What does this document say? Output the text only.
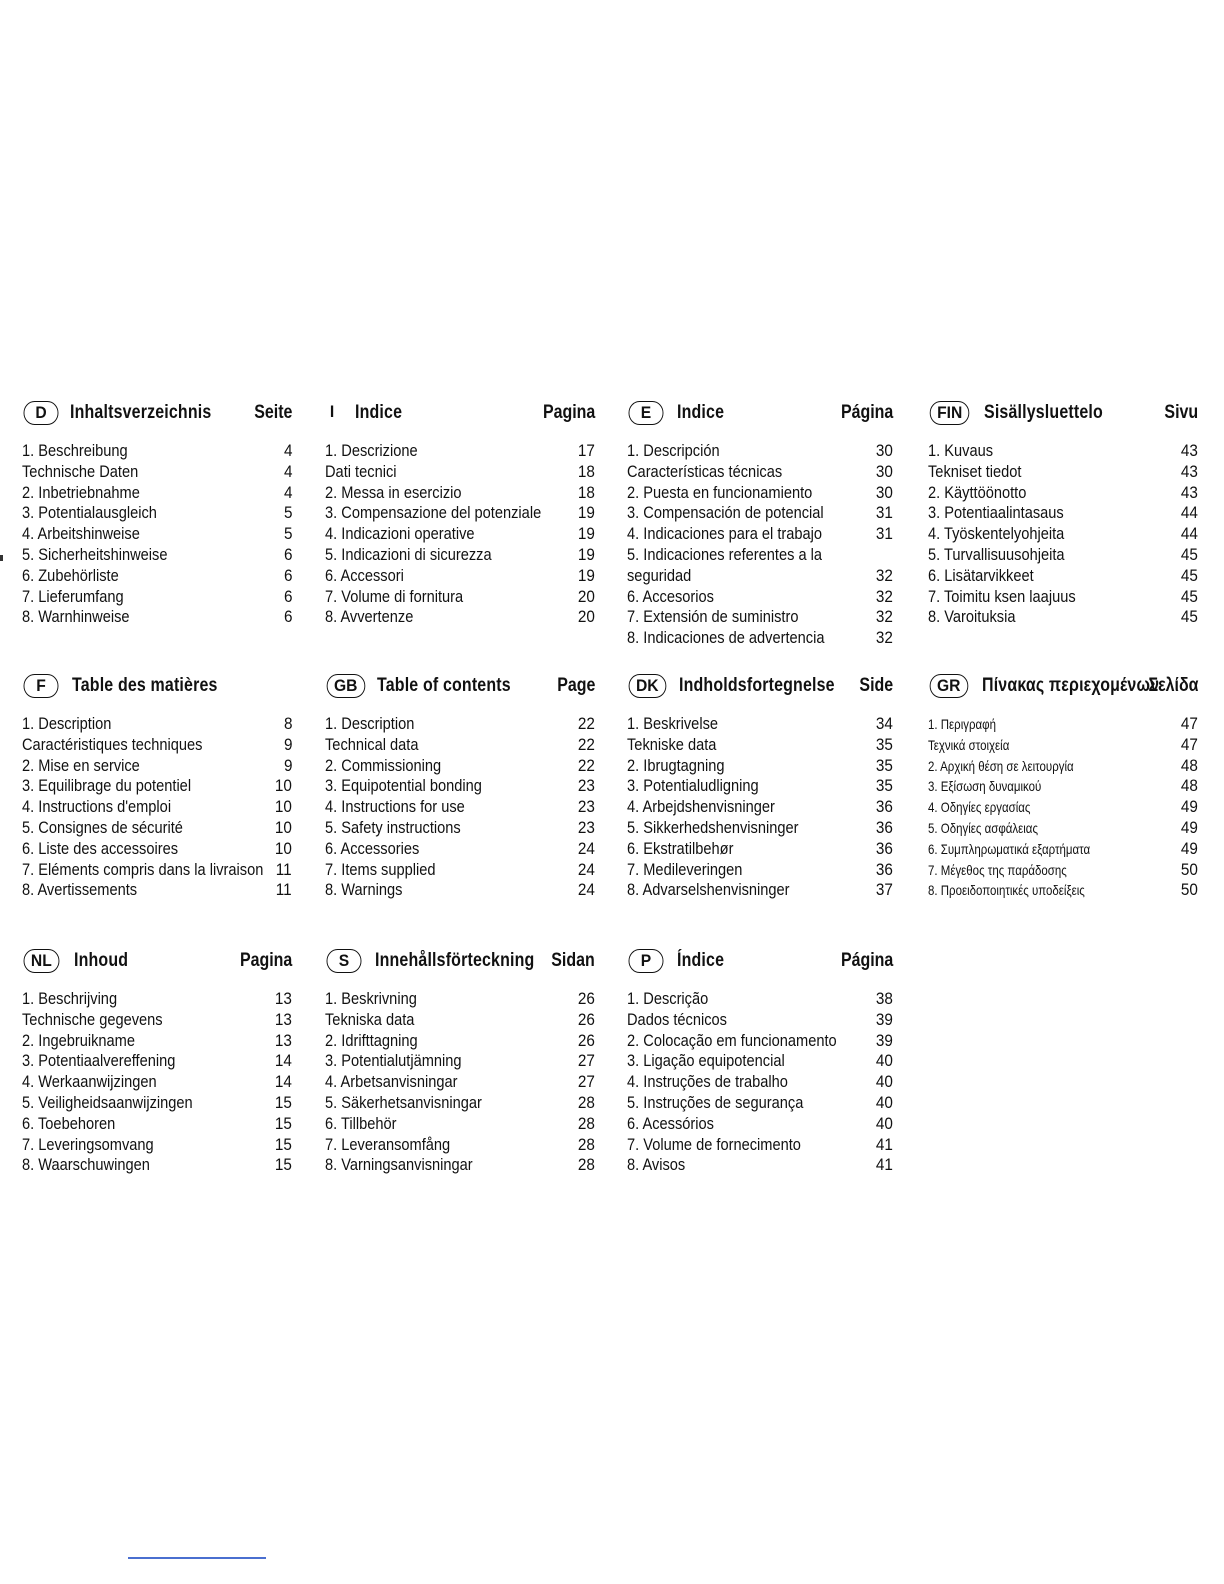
D	Inhaltsverzeichnis Seite
1. Beschreibung	4
Technische Daten	4
2. Inbetriebnahme	4
3. Potentialausgleich	5
4. Arbeitshinweise	5
5. Sicherheitshinweise	6
6. Zubehörliste	6
7. Lieferumfang	6
8. Warnhinweise	6
I Indice	Pagina
1. Descrizione	17
Dati tecnici	18
2. Messa in esercizio	18
3. Compensazione del potenziale 19
4. Indicazioni operative	19
5. Indicazioni di sicurezza	19
6. Accessori	19
7. Volume di fornitura	20
8. Avvertenze	20
E	Indice	Página
1. Descripción	30
Características técnicas	30
2. Puesta en funcionamiento	30
3. Compensación de potencial	31
4. Indicaciones para el trabajo	31
5. Indicaciones referentes a la
seguridad	32
6. Accesorios	32
7. Extensión de suministro	32
8. Indicaciones de advertencia	32
FIN	Sisällysluettelo	Sivu
1. Kuvaus	43
Tekniset tiedot	43
2. Käyttöönotto	43
3. Potentiaalintasaus	44
4. Työskentelyohjeita	44
5. Turvallisuusohjeita	45
6. Lisätarvikkeet	45
7. Toimitu ksen laajuus	45
8. Varoituksia	45
F	Table des matières
1. Description	8
Caractéristiques techniques	9
2. Mise en service	9
3. Equilibrage du potentiel	10
4. Instructions d'emploi	10
5. Consignes de sécurité	10
6. Liste des accessoires	10
7. Eléments compris dans la livraison 11
8. Avertissements	11
GB	Table of contents Page
1. Description	22
Technical data	22
2. Commissioning	22
3. Equipotential bonding	23
4. Instructions for use	23
5. Safety instructions	23
6. Accessories	24
7. Items supplied	24
8. Warnings	24
DK	Indholdsfortegnelse Side
1. Beskrivelse	34
Tekniske data	35
2. Ibrugtagning	35
3. Potentialudligning	35
4. Arbejdshenvisninger	36
5. Sikkerhedshenvisninger	36
6. Ekstratilbehør	36
7. Medileveringen	36
8. Advarselshenvisninger	37
GR	Πίνακας περιεχομένων
Σελίδα
1. Περιγραφή	47
Τεχνικά στοιχεία	47
2. Αρχική θέση σε λειτουργία	48
3. Εξίσωση δυναμικού	48
4. Οδηγίες εργασίας	49
5. Οδηγίες ασφάλειας	49
6. Συμπληρωματικά εξαρτήματα	49
7. Μέγεθος της παράδοσης	50
8. Προειδοποιητικές υποδείξεις	50
NL	Inhoud	Pagina
1. Beschrijving	13
Technische gegevens	13
2. Ingebruikname	13
3. Potentiaalvereffening	14
4. Werkaanwijzingen	14
5. Veiligheidsaanwijzingen	15
6. Toebehoren	15
7. Leveringsomvang	15
8. Waarschuwingen	15
S	Innehållsförteckning Sidan
1. Beskrivning	26
Tekniska data	26
2. Idrifttagning	26
3. Potentialutjämning	27
4. Arbetsanvisningar	27
5. Säkerhetsanvisningar	28
6. Tillbehör	28
7. Leveransomfång	28
8. Varningsanvisningar	28
P	Índice	Página
1. Descrição	38
Dados técnicos	39
2. Colocação em funcionamento 39
3. Ligação equipotencial	40
4. Instruções de trabalho	40
5. Instruções de segurança	40
6. Acessórios	40
7. Volume de fornecimento	41
8. Avisos	41
